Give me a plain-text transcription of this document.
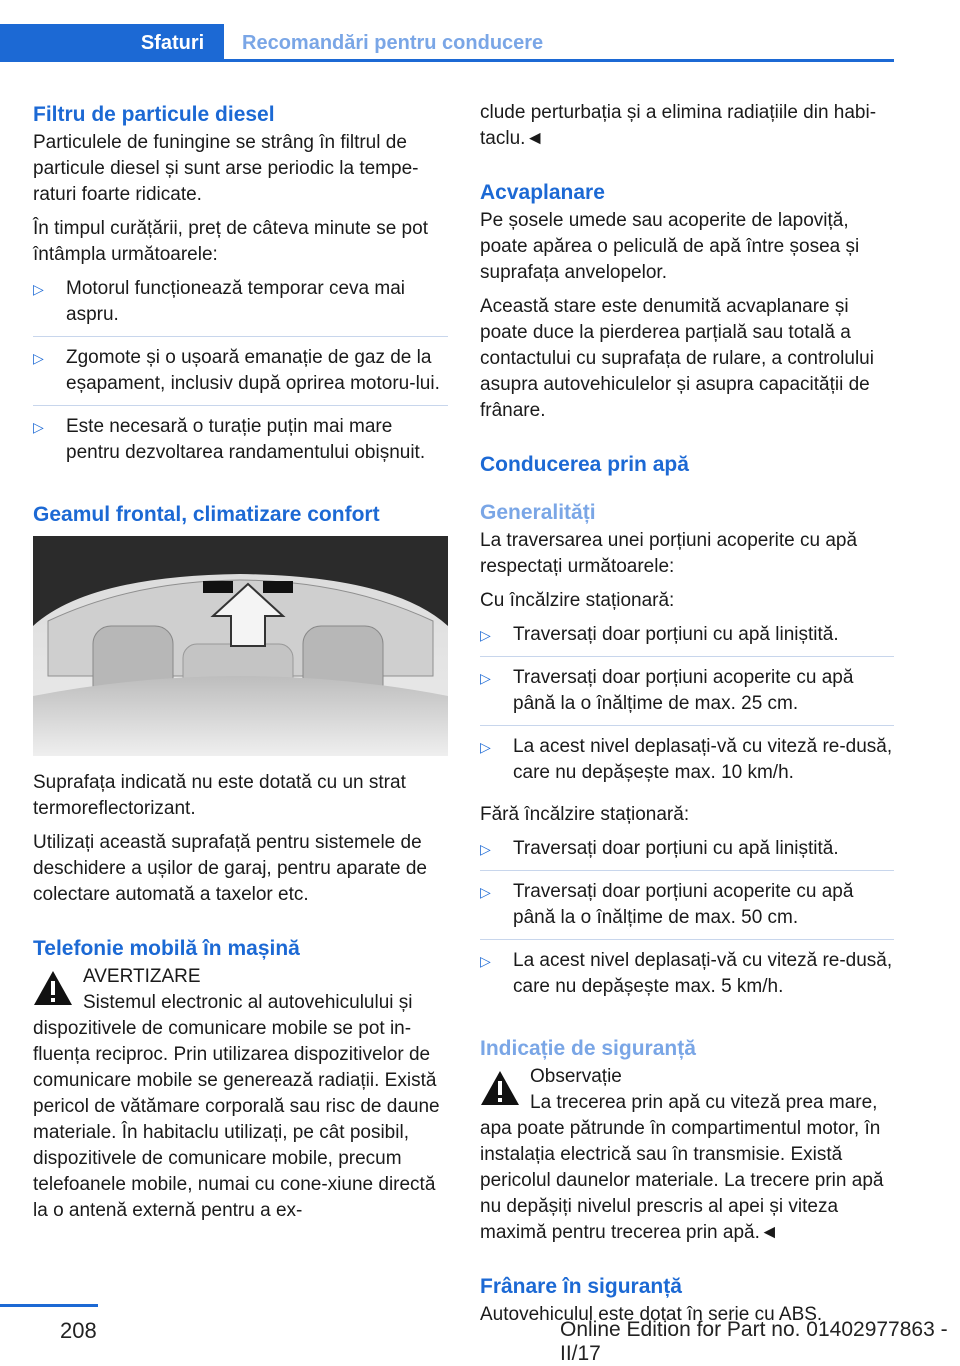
Sfaturi	Recomandări pentru conducere
Filtru de particule diesel

Particulele de funingine se strâng în filtrul de particule diesel și sunt arse periodic la tempe-raturi foarte ridicate.

În timpul curățării, preț de câteva minute se pot întâmpla următoarele:

▷ Motorul funcționează temporar ceva mai aspru.
▷ Zgomote și o ușoară emanație de gaz de la eșapament, inclusiv după oprirea motoru-lui.
▷ Este necesară o turație puțin mai mare pentru dezvoltarea randamentului obișnuit.
Geamul frontal, climatizare confort

Suprafața indicată nu este dotată cu un strat termoreflectorizant.

Utilizați această suprafață pentru sistemele de deschidere a ușilor de garaj, pentru aparate de colectare automată a taxelor etc.

Telefonie mobilă în mașină
AVERTIZARE

Sistemul electronic al autovehiculului și dispozitivele de comunicare mobile se pot in-fluența reciproc. Prin utilizarea dispozitivelor de comunicare mobile se generează radiații. Există pericol de vătămare corporală sau risc de daune materiale. În habitaclu utilizați, pe cât posibil, dispozitivele de comunicare mobile, precum telefoanele mobile, numai cu cone-xiune directă la o antenă externă pentru a ex-

clude perturbația și a elimina radiațiile din habi-taclu.◄

Acvaplanare

Pe șosele umede sau acoperite de lapoviță, poate apărea o peliculă de apă între șosea și suprafața anvelopelor.

Această stare este denumită acvaplanare și poate duce la pierderea parțială sau totală a contactului cu suprafața de rulare, a controlului asupra autovehiculelor și asupra capacității de frânare.

Conducerea prin apă
Generalități

La traversarea unei porțiuni acoperite cu apă respectați următoarele:

Cu încălzire staționară:

▷ Traversați doar porțiuni cu apă liniștită.
▷ Traversați doar porțiuni acoperite cu apă până la o înălțime de max. 25 cm.
▷ La acest nivel deplasați-vă cu viteză re-dusă, care nu depășește max. 10 km/h.

Fără încălzire staționară:

▷ Traversați doar porțiuni cu apă liniștită.
▷ Traversați doar porțiuni acoperite cu apă până la o înălțime de max. 50 cm.
▷ La acest nivel deplasați-vă cu viteză re-dusă, care nu depășește max. 5 km/h.
Indicație de siguranță
Observație

La trecerea prin apă cu viteză prea mare, apa poate pătrunde în compartimentul motor, în instalația electrică sau în transmisie. Există pericolul daunelor materiale. La trecere prin apă nu depășiți nivelul prescris al apei și viteza maximă pentru trecerea prin apă.◄

Frânare în siguranță

Autovehiculul este dotat în serie cu ABS.

208	Online Edition for Part no. 01402977863 - II/17
